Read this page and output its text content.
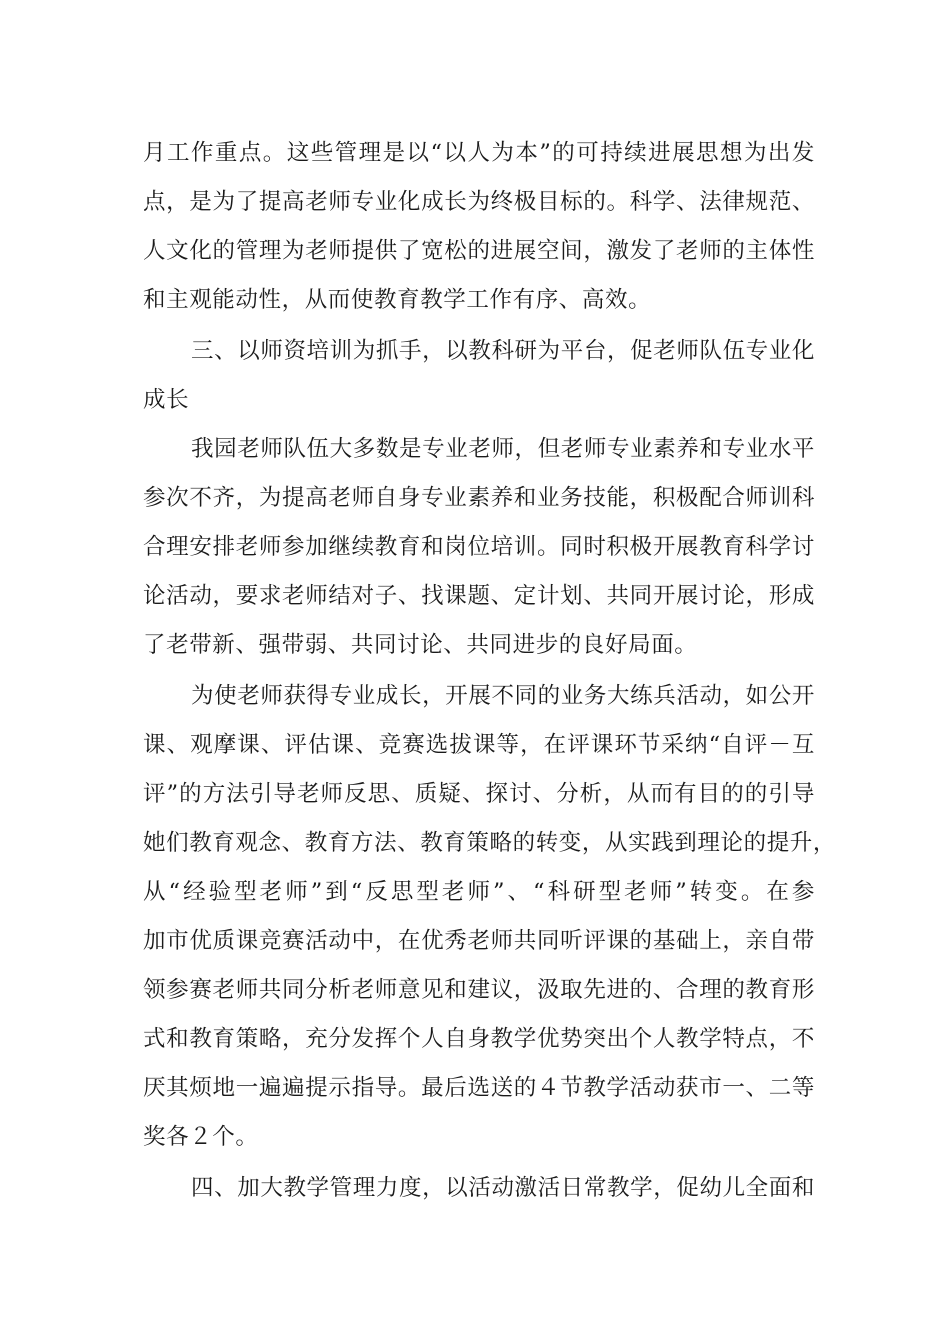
月工作重点。这些管理是以“以人为本”的可持续进展思想为出发

点，是为了提高老师专业化成长为终极目标的。科学、法律规范、

人文化的管理为老师提供了宽松的进展空间，激发了老师的主体性

和主观能动性，从而使教育教学工作有序、高效。

三、以师资培训为抓手，以教科研为平台，促老师队伍专业化

成长

我园老师队伍大多数是专业老师，但老师专业素养和专业水平

参次不齐，为提高老师自身专业素养和业务技能，积极配合师训科

合理安排老师参加继续教育和岗位培训。同时积极开展教育科学讨

论活动，要求老师结对子、找课题、定计划、共同开展讨论，形成

了老带新、强带弱、共同讨论、共同进步的良好局面。

为使老师获得专业成长，开展不同的业务大练兵活动，如公开

课、观摩课、评估课、竞赛选拔课等，在评课环节采纳“自评－互

评”的方法引导老师反思、质疑、探讨、分析，从而有目的的引导

她们教育观念、教育方法、教育策略的转变，从实践到理论的提升，

从“经验型老师”到“反思型老师”、“科研型老师”转变。在参

加市优质课竞赛活动中，在优秀老师共同听评课的基础上，亲自带

领参赛老师共同分析老师意见和建议，汲取先进的、合理的教育形

式和教育策略，充分发挥个人自身教学优势突出个人教学特点，不

厌其烦地一遍遍提示指导。最后选送的４节教学活动获市一、二等

奖各２个。

四、加大教学管理力度，以活动激活日常教学，促幼儿全面和
